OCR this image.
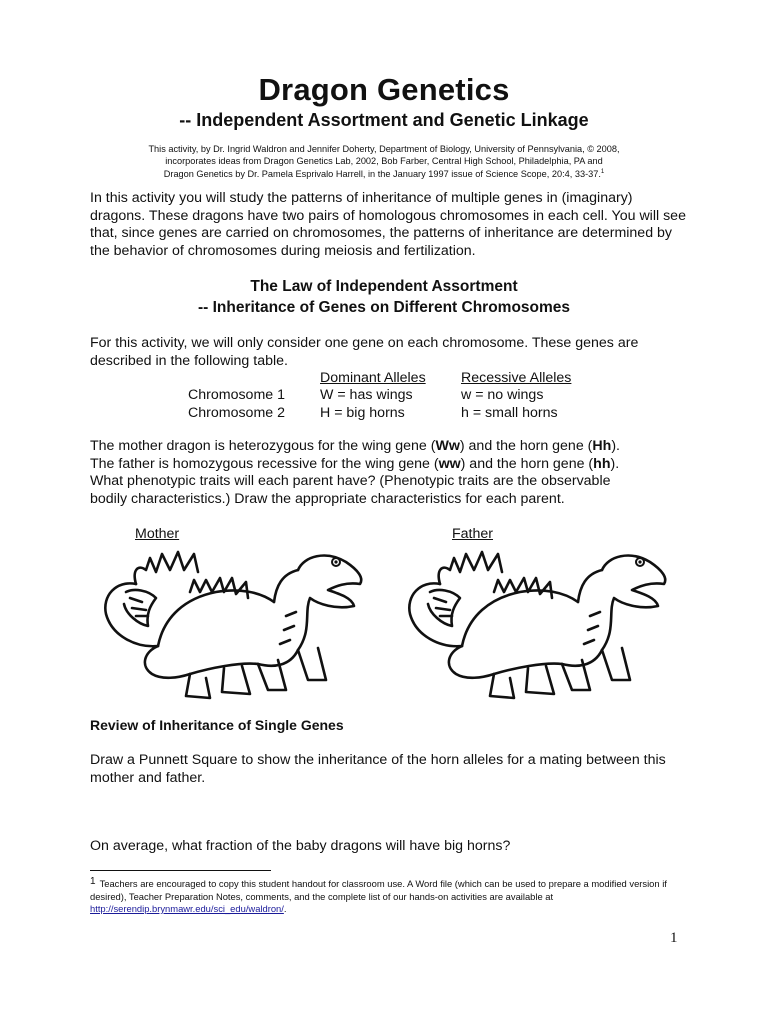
Dragon Genetics
-- Independent Assortment and Genetic Linkage
This activity, by Dr. Ingrid Waldron and Jennifer Doherty, Department of Biology, University of Pennsylvania, © 2008,
incorporates ideas from Dragon Genetics Lab, 2002, Bob Farber, Central High School, Philadelphia, PA and
Dragon Genetics by Dr. Pamela Esprivalo Harrell, in the January 1997 issue of Science Scope, 20:4, 33-37.$^1$
In this activity you will study the patterns of inheritance of multiple genes in (imaginary) dragons. These dragons have two pairs of homologous chromosomes in each cell. You will see that, since genes are carried on chromosomes, the patterns of inheritance are determined by the behavior of chromosomes during meiosis and fertilization.
The Law of Independent Assortment
-- Inheritance of Genes on Different Chromosomes
For this activity, we will only consider one gene on each chromosome. These genes are described in the following table.
Dominant Alleles Recessive Alleles
Chromosome 1
Chromosome 2
W = has wings
H = big horns
w = no wings
h = small horns
The mother dragon is heterozygous for the wing gene (Ww) and the horn gene (Hh).
The father is homozygous recessive for the wing gene (ww) and the horn gene (hh).
What phenotypic traits will each parent have? (Phenotypic traits are the observable
bodily characteristics.) Draw the appropriate characteristics for each parent.
Mother	Father
Review of Inheritance of Single Genes
Draw a Punnett Square to show the inheritance of the horn alleles for a mating between this mother and father.
On average, what fraction of the baby dragons will have big horns?
$^1$ Teachers are encouraged to copy this student handout for classroom use. A Word file (which can be used to prepare a modified version if desired), Teacher Preparation Notes, comments, and the complete list of our hands-on activities are available at http://serendip.brynmawr.edu/sci_edu/waldron/.
1
